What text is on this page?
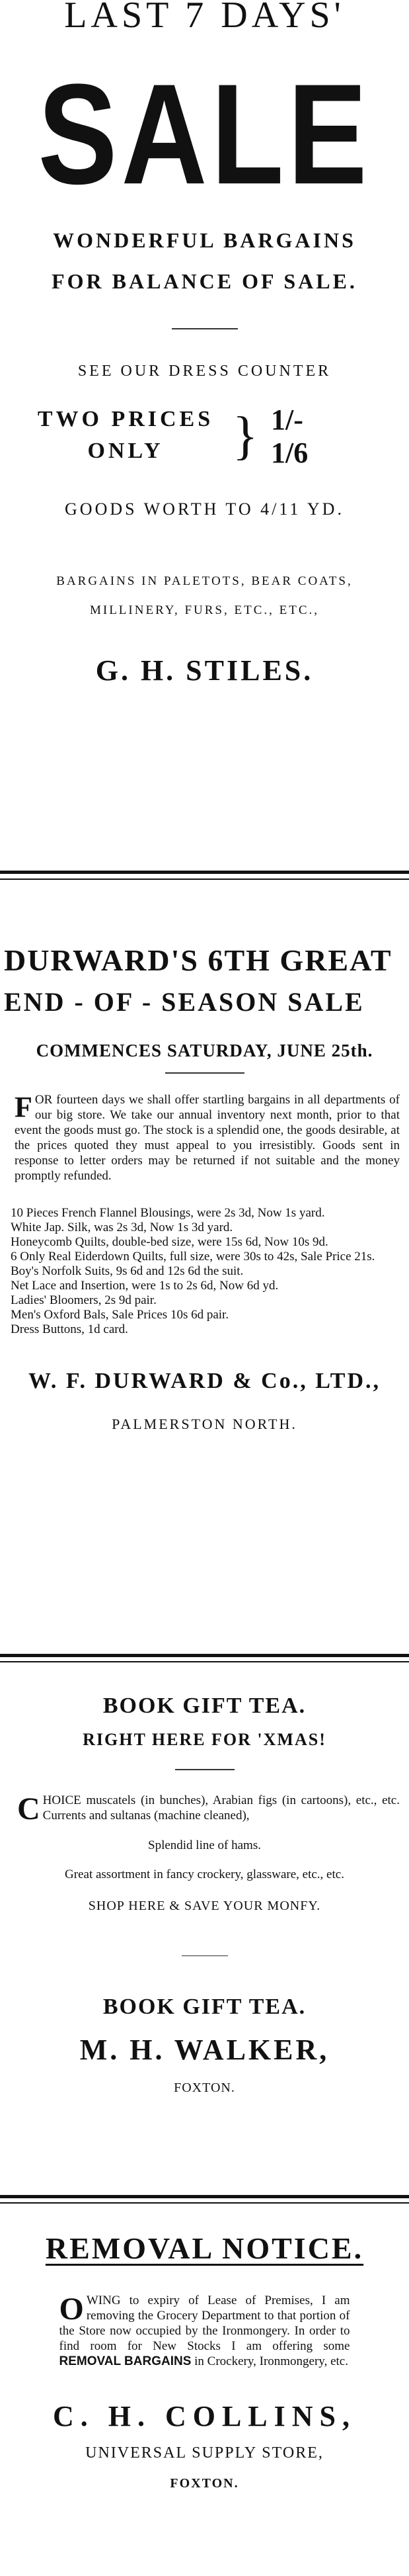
LAST 7 DAYS'
SALE
WONDERFUL BARGAINS
FOR BALANCE OF SALE.
SEE OUR DRESS COUNTER
TWO PRICES
ONLY	} 1/-
1/6
GOODS WORTH TO 4/11 YD.
BARGAINS IN PALETOTS, BEAR COATS,
MILLINERY, FURS, ETC., ETC.,
G. H. STILES.
DURWARD'S 6TH GREAT
END - OF - SEASON SALE
COMMENCES SATURDAY, JUNE 25th.

F OR fourteen days we shall offer startling bargains in all departments of our big store. We take our annual inventory next month, prior to that event the goods must go. The stock is a splendid one, the goods desirable, at the prices quoted they must appeal to you irresistibly. Goods sent in response to letter orders may be returned if not suitable and the money promptly refunded.

10 Pieces French Flannel Blousings, were 2s 3d, Now 1s yard.

White Jap. Silk, was 2s 3d, Now 1s 3d yard.

Honeycomb Quilts, double-bed size, were 15s 6d, Now 10s 9d.

6 Only Real Eiderdown Quilts, full size, were 30s to 42s, Sale Price 21s.

Boy's Norfolk Suits, 9s 6d and 12s 6d the suit.

Net Lace and Insertion, were 1s to 2s 6d, Now 6d yd.

Ladies' Bloomers, 2s 9d pair.

Men's Oxford Bals, Sale Prices 10s 6d pair.

Dress Buttons, 1d card.

W. F. DURWARD & Co., LTD.,
PALMERSTON NORTH.
BOOK GIFT TEA.
RIGHT HERE FOR 'XMAS!

C HOICE muscatels (in bunches), Arabian figs (in cartoons), etc., etc. Currents and sultanas (machine cleaned),

Splendid line of hams.
Great assortment in fancy crockery, glassware, etc., etc.
SHOP HERE & SAVE YOUR MONFY.
BOOK GIFT TEA.
M. H. WALKER,
FOXTON.
REMOVAL NOTICE.

O WING to expiry of Lease of Premises, I am removing the Grocery Department to that portion of the Store now occupied by the Ironmongery. In order to find room for New Stocks I am offering some REMOVAL BARGAINS in Crockery, Ironmongery, etc.

C. H. COLLINS,
UNIVERSAL SUPPLY STORE,
FOXTON.
